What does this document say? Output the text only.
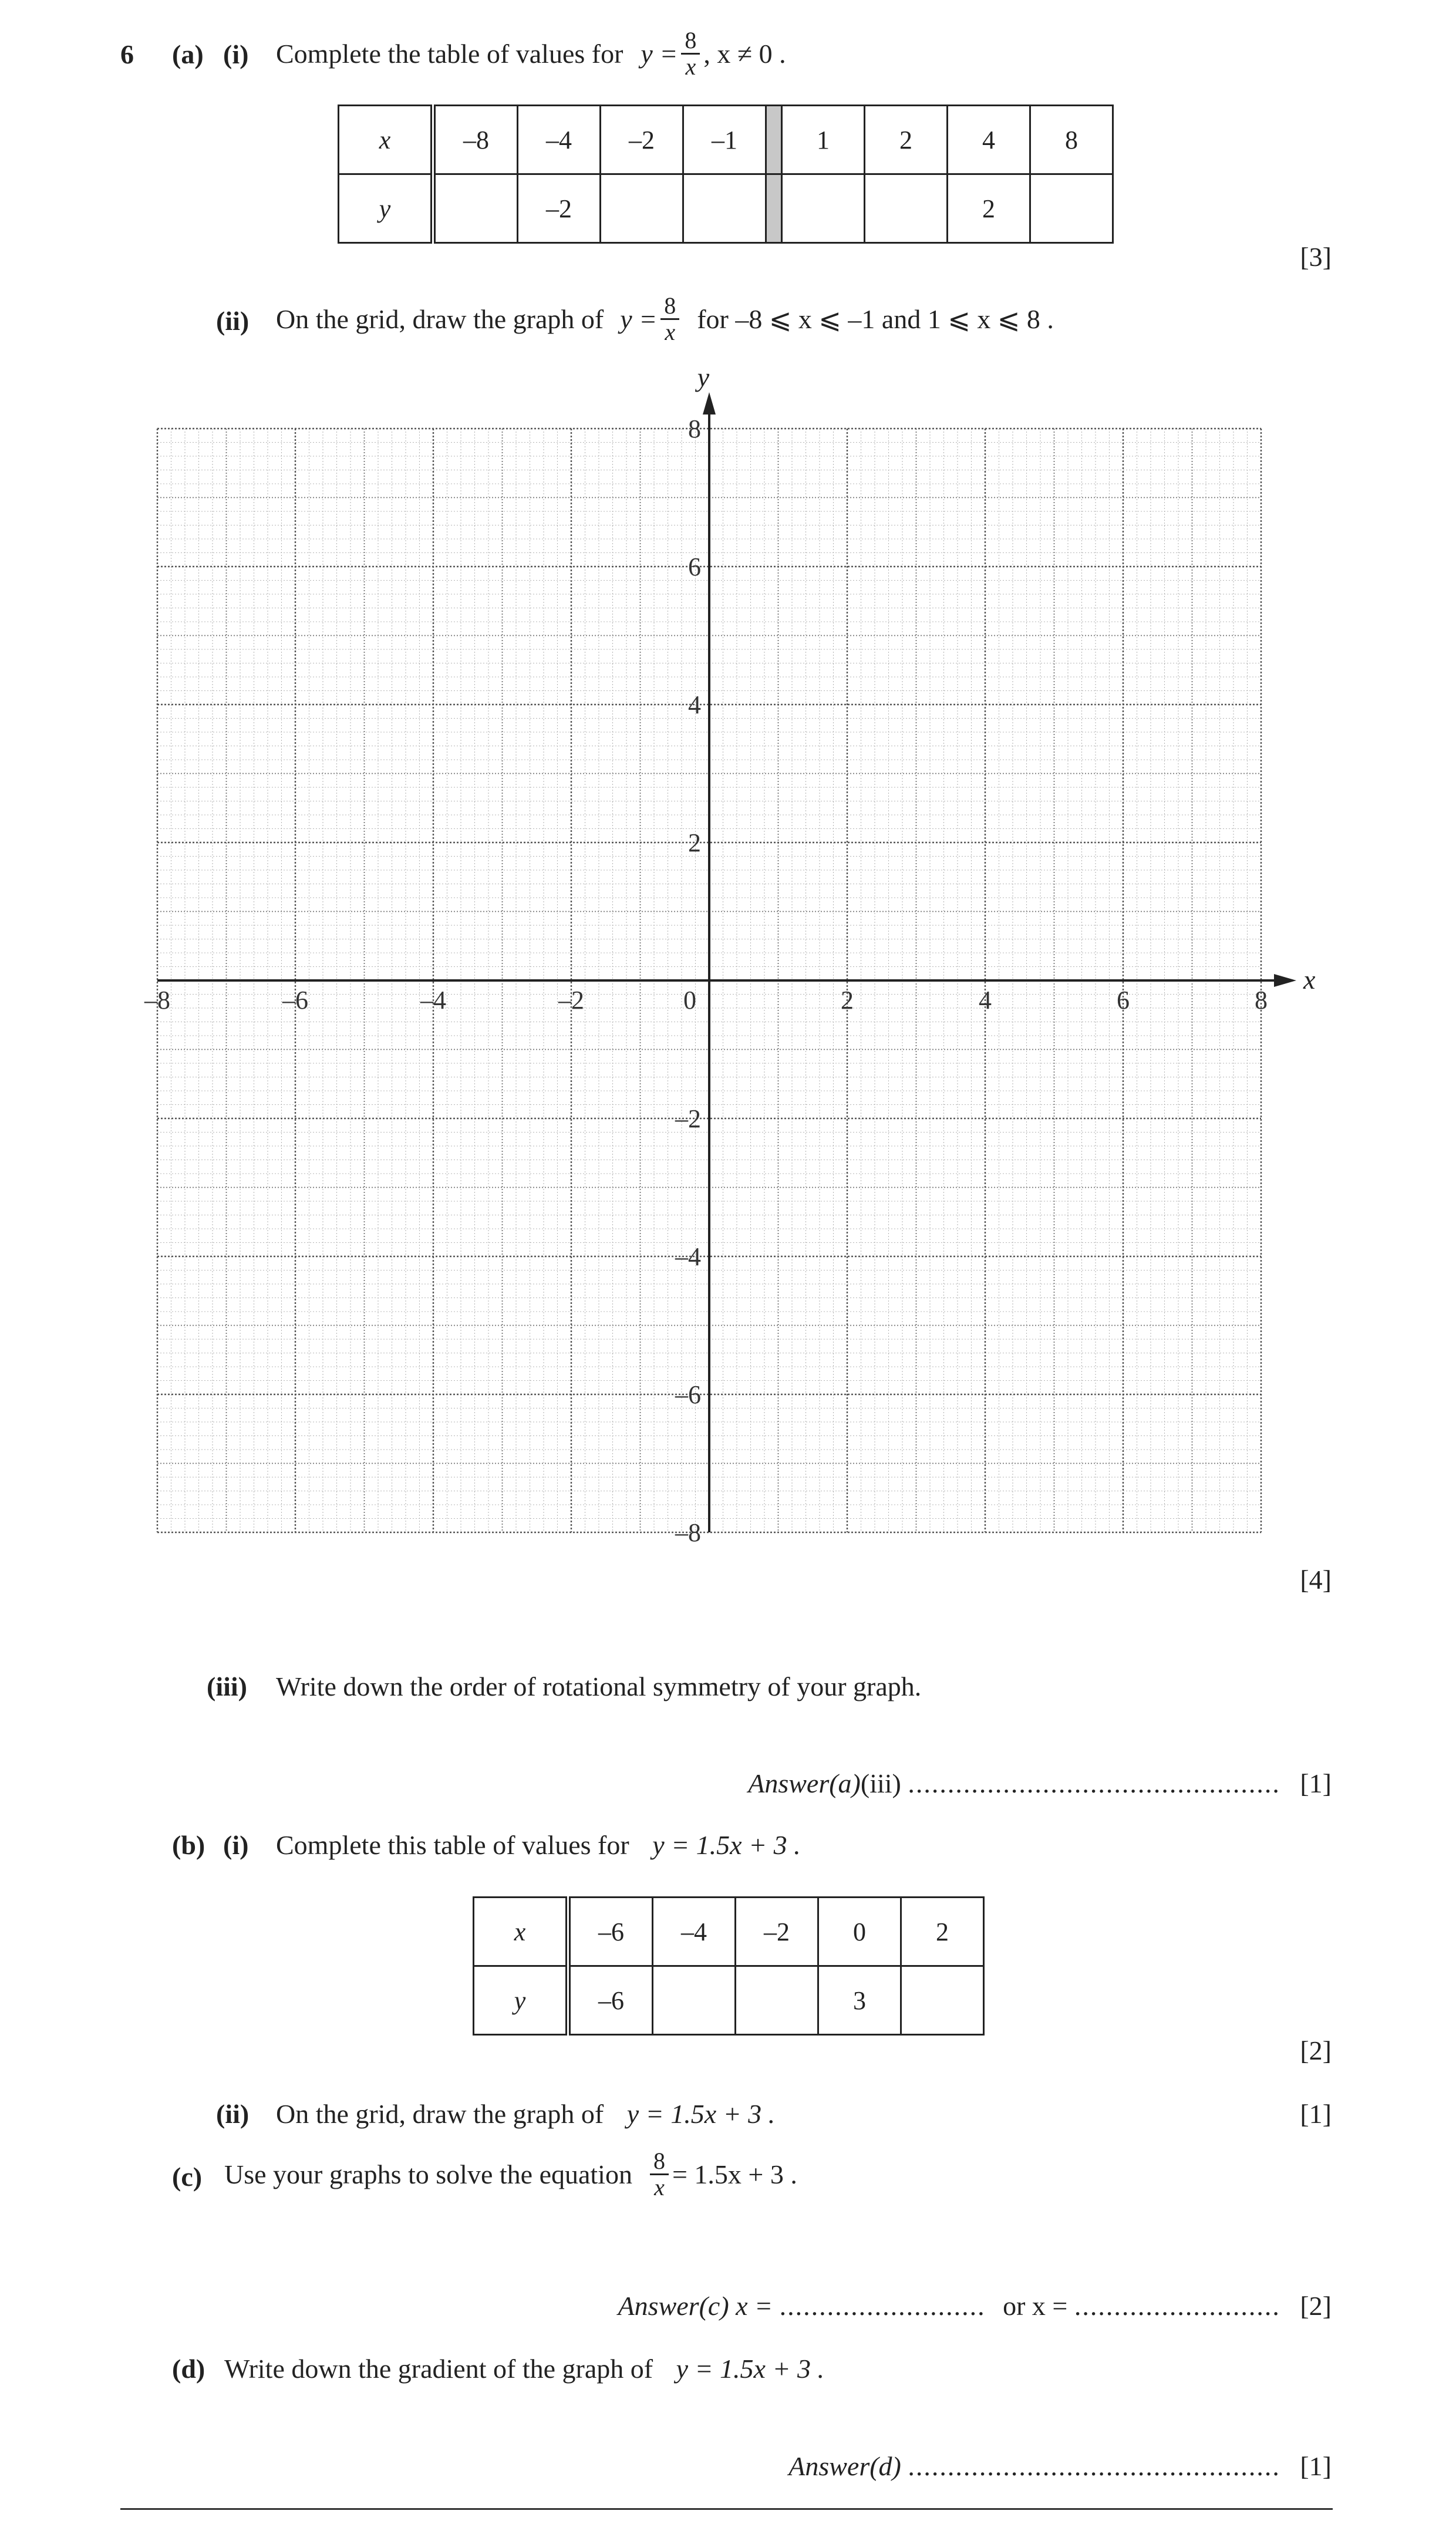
6 (a) (i) Complete the table of values for $y = \frac{8}{x}$ , x ≠ 0 .
x	–8	–4	–2	–1		1	2	4	8
y		–2						2	
[3]
(ii) On the grid, draw the graph of $y = \frac{8}{x}$ for –8 ⩽ x ⩽ –1 and 1 ⩽ x ⩽ 8 .
x
y
–8	–6	–4	–2	0	2	4	6	8
8
6
4
2
–2
–4
–6
–8
[4]
(iii) Write down the order of rotational symmetry of your graph.
Answer(a)(iii) ............................................... [1]
(b) (i) Complete this table of values for y = 1.5x + 3 .
x	–6	–4	–2	0	2
y	–6			3	
[2]
(ii) On the grid, draw the graph of y = 1.5x + 3 .	[1]
(c) Use your graphs to solve the equation $\frac{8}{x} = 1.5x + 3$ .
Answer(c) x = .......................... or x = .......................... [2]
(d) Write down the gradient of the graph of y = 1.5x + 3 .
Answer(d) ............................................... [1]
